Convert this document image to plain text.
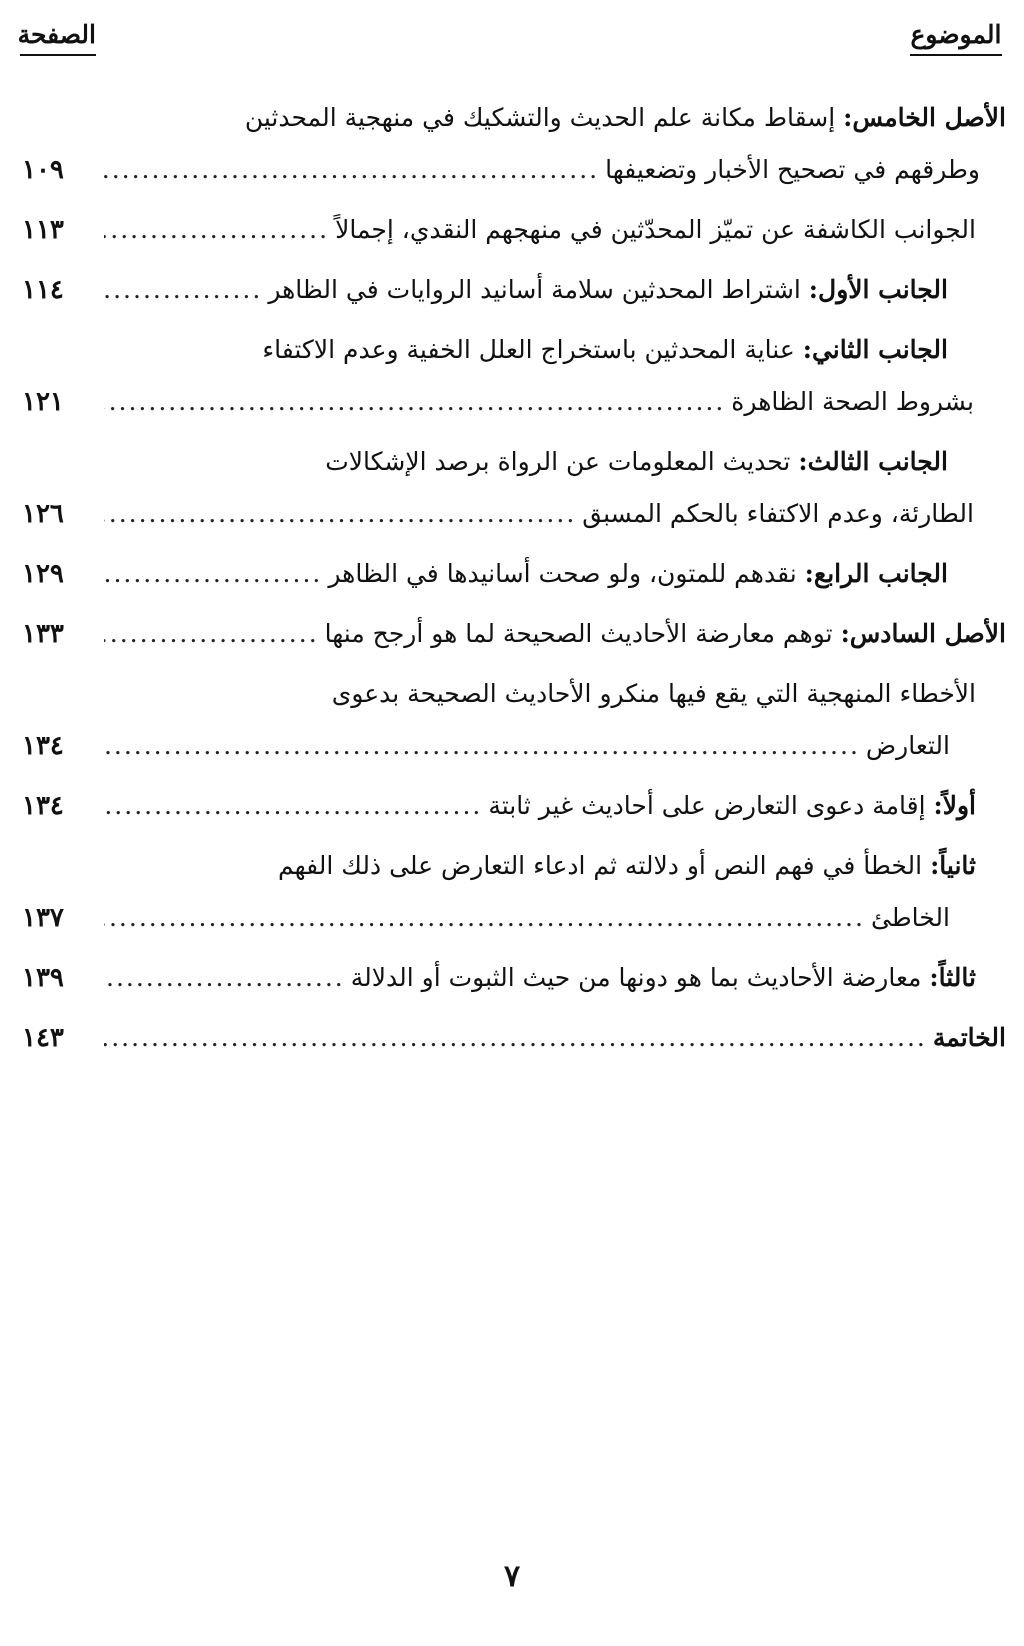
الموضوع
الصفحة
الأصل الخامس: إسقاط مكانة علم الحديث والتشكيك في منهجية المحدثين
وطرقهم في تصحيح الأخبار وتضعيفها
.....
١٠٩
الجوانب الكاشفة عن تميّز المحدّثين في منهجهم النقدي، إجمالاً
.....
١١٣
الجانب الأول: اشتراط المحدثين سلامة أسانيد الروايات في الظاهر
.....
١١٤
الجانب الثاني: عناية المحدثين باستخراج العلل الخفية وعدم الاكتفاء
بشروط الصحة الظاهرة
.....
١٢١
الجانب الثالث: تحديث المعلومات عن الرواة برصد الإشكالات
الطارئة، وعدم الاكتفاء بالحكم المسبق
.....
١٢٦
الجانب الرابع: نقدهم للمتون، ولو صحت أسانيدها في الظاهر
.....
١٢٩
الأصل السادس: توهم معارضة الأحاديث الصحيحة لما هو أرجح منها
.....
١٣٣
الأخطاء المنهجية التي يقع فيها منكرو الأحاديث الصحيحة بدعوى
التعارض
.....
١٣٤
أولاً: إقامة دعوى التعارض على أحاديث غير ثابتة
.....
١٣٤
ثانياً: الخطأ في فهم النص أو دلالته ثم ادعاء التعارض على ذلك الفهم
الخاطئ
.....
١٣٧
ثالثاً: معارضة الأحاديث بما هو دونها من حيث الثبوت أو الدلالة
.....
١٣٩
الخاتمة
.....
١٤٣
٧
